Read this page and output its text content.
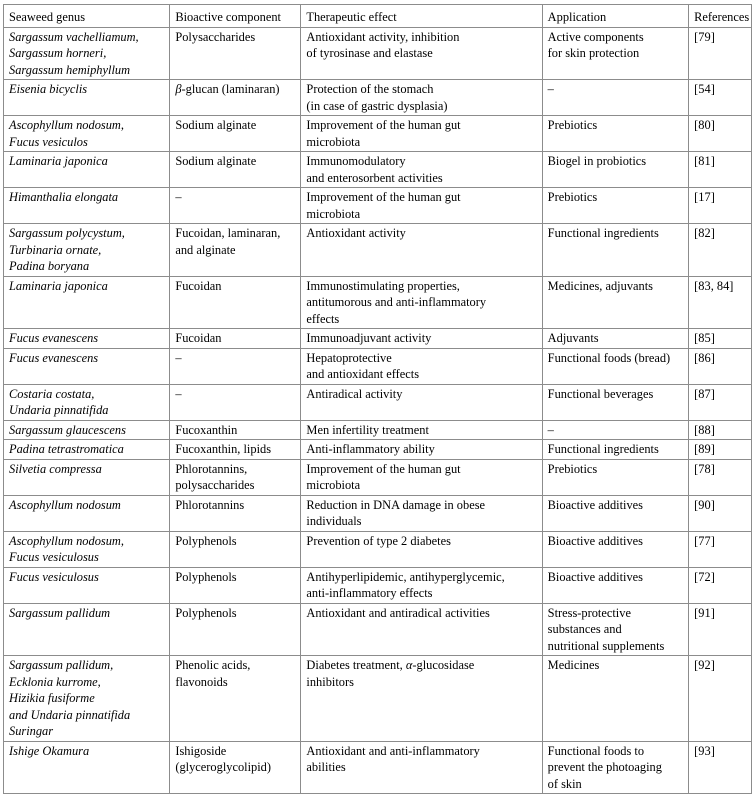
Seaweed genus	Bioactive component	Therapeutic effect	Application	References

Sargassum vachelliamum,
Sargassum horneri,
Sargassum hemiphyllum	Polysaccharides	Antioxidant activity, inhibition
of tyrosinase and elastase	Active components
for skin protection	[79]

Eisenia bicyclis	β-glucan (laminaran)	Protection of the stomach
(in case of gastric dysplasia)	–	[54]

Ascophyllum nodosum,
Fucus vesiculos	Sodium alginate	Improvement of the human gut
microbiota	Prebiotics	[80]

Laminaria japonica	Sodium alginate	Immunomodulatory
and enterosorbent activities	Biogel in probiotics	[81]

Himanthalia elongata	–	Improvement of the human gut
microbiota	Prebiotics	[17]

Sargassum polycystum,
Turbinaria ornate,
Padina boryana	Fucoidan, laminaran,
and alginate	Antioxidant activity	Functional ingredients	[82]

Laminaria japonica	Fucoidan	Immunostimulating properties,
antitumorous and anti-inflammatory
effects	Medicines, adjuvants	[83, 84]

Fucus evanescens	Fucoidan	Immunoadjuvant activity	Adjuvants	[85]

Fucus evanescens	–	Hepatoprotective
and antioxidant effects	Functional foods (bread)	[86]

Costaria costata,
Undaria pinnatifida	–	Antiradical activity	Functional beverages	[87]

Sargassum glaucescens	Fucoxanthin	Men infertility treatment	–	[88]

Padina tetrastromatica	Fucoxanthin, lipids	Anti-inflammatory ability	Functional ingredients	[89]

Silvetia compressa	Phlorotannins,
polysaccharides	Improvement of the human gut
microbiota	Prebiotics	[78]

Ascophyllum nodosum	Phlorotannins	Reduction in DNA damage in obese
individuals	Bioactive additives	[90]

Ascophyllum nodosum,
Fucus vesiculosus	Polyphenols	Prevention of type 2 diabetes	Bioactive additives	[77]

Fucus vesiculosus	Polyphenols	Antihyperlipidemic, antihyperglycemic,
anti-inflammatory effects	Bioactive additives	[72]

Sargassum pallidum	Polyphenols	Antioxidant and antiradical activities	Stress-protective
substances and
nutritional supplements	[91]

Sargassum pallidum,
Ecklonia kurrome,
Hizikia fusiforme
and Undaria pinnatifida
Suringar	Phenolic acids,
flavonoids	Diabetes treatment, α-glucosidase
inhibitors	Medicines	[92]

Ishige Okamura	Ishigoside
(glyceroglycolipid)	Antioxidant and anti-inflammatory
abilities	Functional foods to
prevent the photoaging
of skin	[93]
